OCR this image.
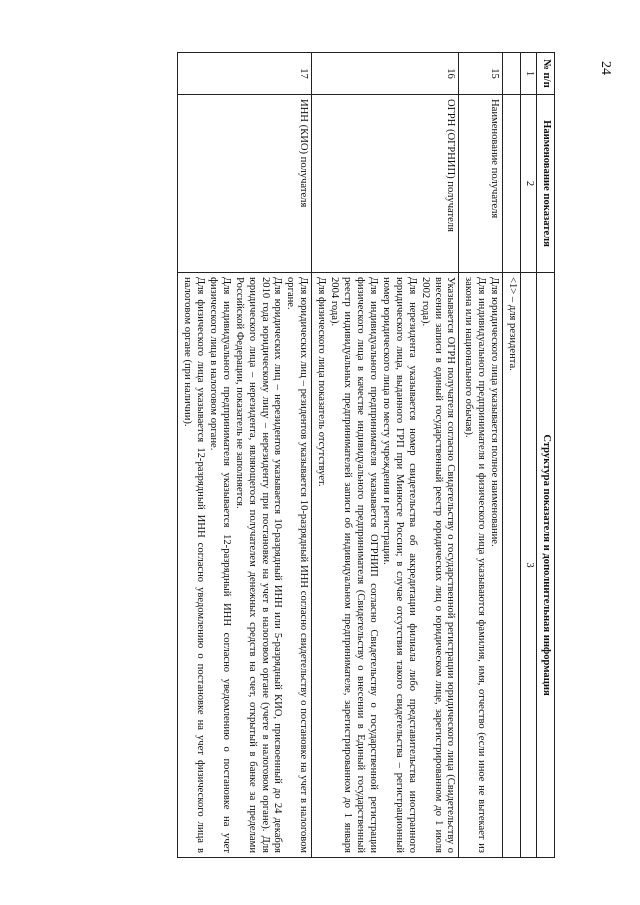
24
№ п/п	Наименование показателя	Структура показателя и дополнительная информация
1	2	3

		<1> – для резидента.

15	Наименование получателя	Для юридического лица указывается полное наименование.

Для индивидуального предпринимателя и физического лица указываются фамилия, имя, отчество (если иное не вытекает из закона или национального обычая).

16	ОГРН (ОГРНИП) получателя	Указывается ОГРН получателя согласно Свидетельству о государственной регистрации юридического лица (Свидетельству о внесении записи в единый государственный реестр юридических лиц о юридическом лице, зарегистрированном до 1 июля 2002 года).

Для нерезидента указывается номер свидетельства об аккредитации филиала либо представительства иностранного юридического лица, выданного ГРП при Минюсте России; в случае отсутствия такого свидетельства – регистрационный номер юридического лица по месту учреждения и регистрации.

Для индивидуального предпринимателя указывается ОГРНИП согласно Свидетельству о государственной регистрации физического лица в качестве индивидуального предпринимателя (Свидетельству о внесении в Единый государственный реестр индивидуальных предпринимателей записи об индивидуальном предпринимателе, зарегистрированном до 1 января 2004 года).

Для физического лица показатель отсутствует.

17	ИНН (КИО) получателя	Для юридических лиц – резидентов указывается 10-разрядный ИНН согласно свидетельству о постановке на учет в налоговом органе.

Для юридических лиц – нерезидентов указывается 10-разрядный ИНН или 5-разрядный КИО, присвоенный до 24 декабря 2010 года юридическому лицу – нерезиденту при постановке на учет в налоговом органе (учете в налоговом органе). Для юридического лица – нерезидента, являющегося получателем денежных средств на счет, открытый в банке за пределами Российской Федерации, показатель не заполняется.

Для индивидуального предпринимателя указывается 12-разрядный ИНН согласно уведомлению о постановке на учет физического лица в налоговом органе.

Для физического лица указывается 12-разрядный ИНН согласно уведомлению о постановке на учет физического лица в налоговом органе (при наличии).
